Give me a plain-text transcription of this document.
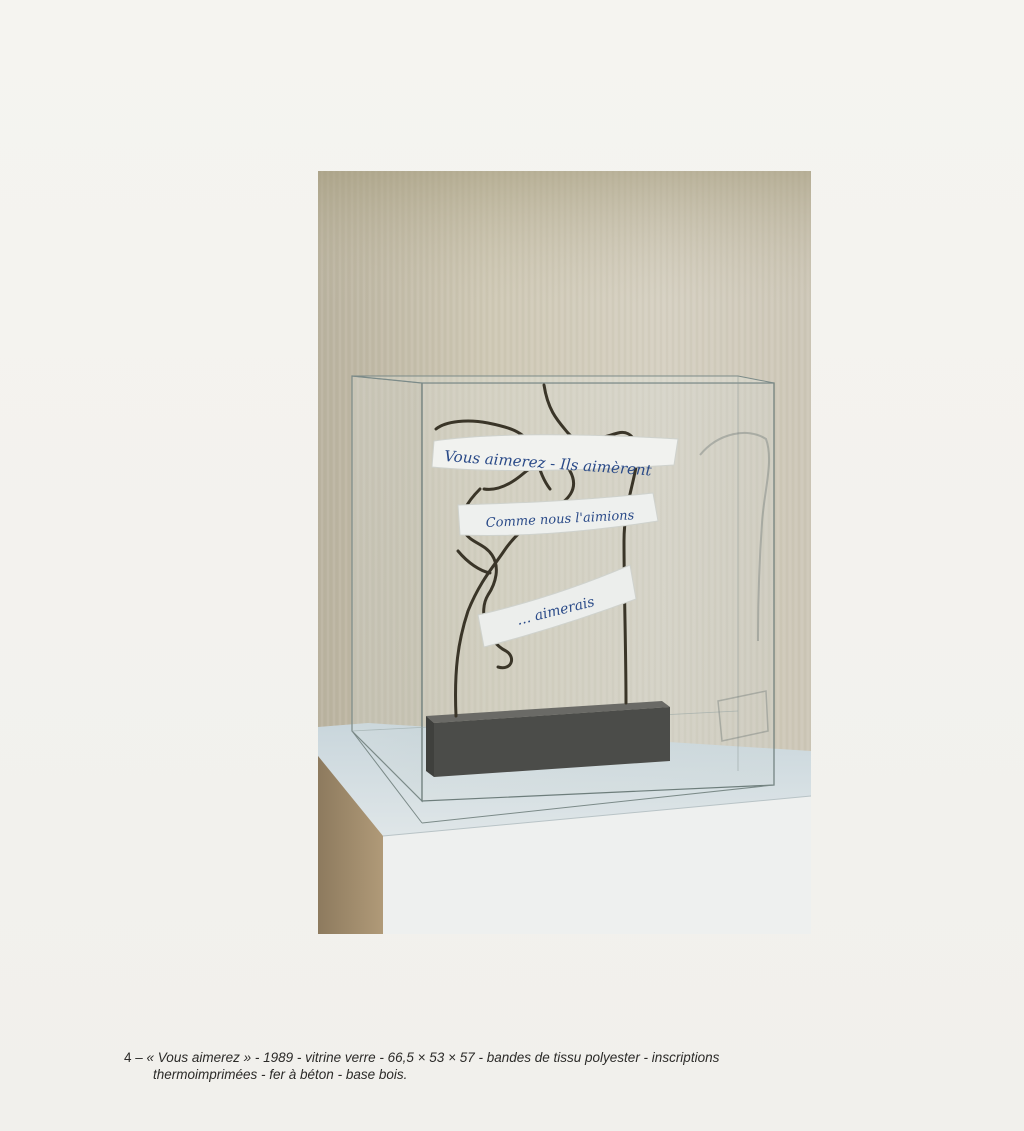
Vous aimerez - Ils aimèrent
Comme nous l'aimions
… aimerais
4 – « Vous aimerez » - 1989 - vitrine verre - 66,5 × 53 × 57 - bandes de tissu polyester - inscriptions
thermoimprimées - fer à béton - base bois.
